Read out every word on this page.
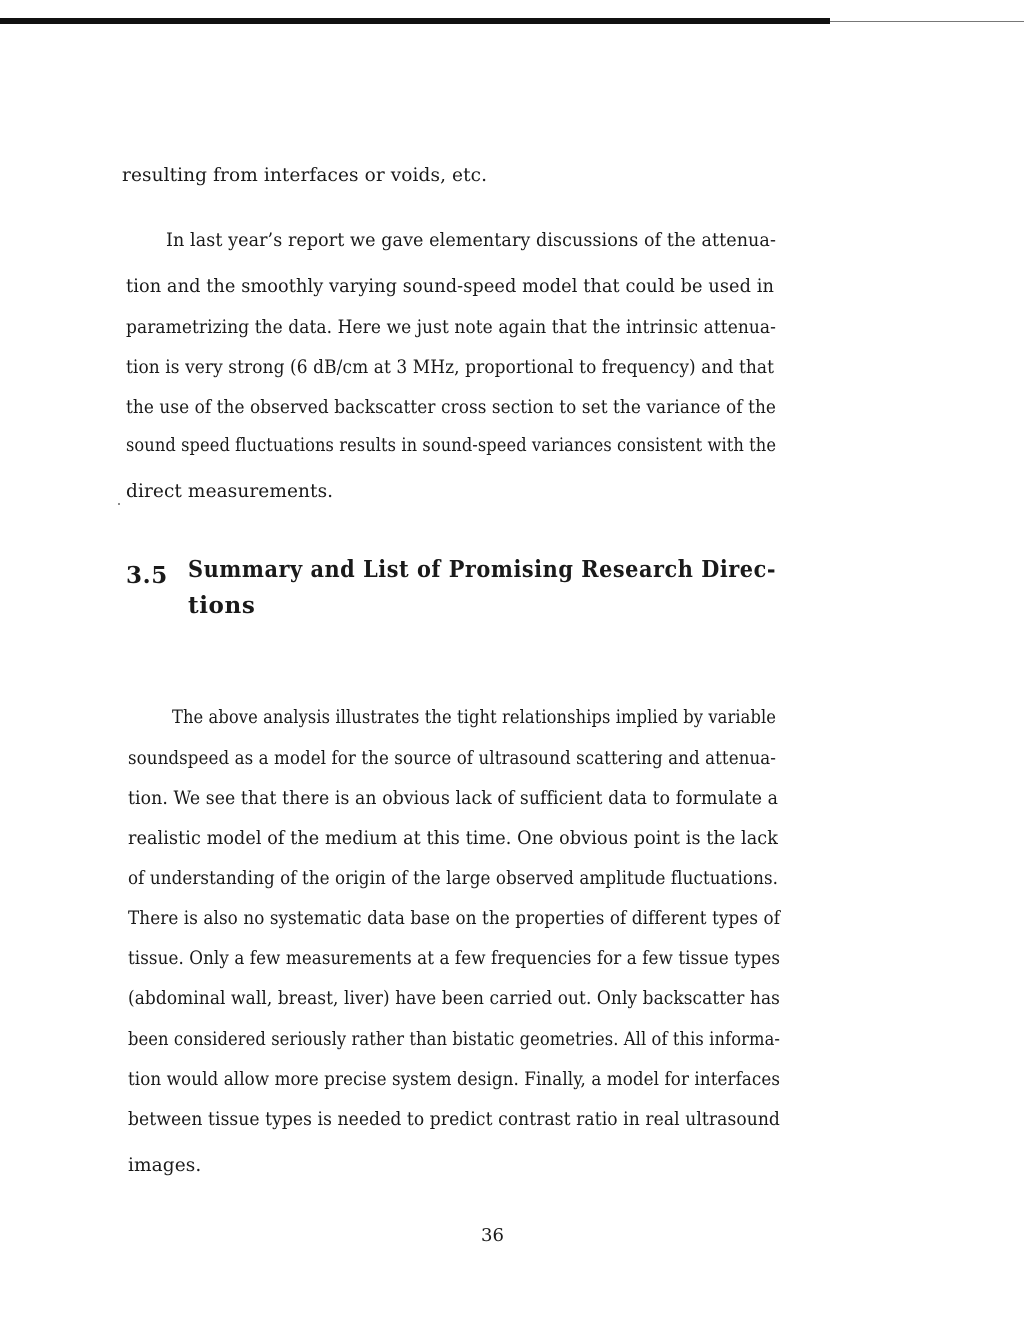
resulting from interfaces or voids, etc.
In last year’s report we gave elementary discussions of the attenua-
tion and the smoothly varying sound-speed model that could be used in
parametrizing the data. Here we just note again that the intrinsic attenua-
tion is very strong (6 dB/cm at 3 MHz, proportional to frequency) and that
the use of the observed backscatter cross section to set the variance of the
sound speed fluctuations results in sound-speed variances consistent with the
direct measurements.
3.5 Summary and List of Promising Research Direc-
tions
The above analysis illustrates the tight relationships implied by variable
soundspeed as a model for the source of ultrasound scattering and attenua-
tion. We see that there is an obvious lack of sufficient data to formulate a
realistic model of the medium at this time. One obvious point is the lack
of understanding of the origin of the large observed amplitude fluctuations.
There is also no systematic data base on the properties of different types of
tissue. Only a few measurements at a few frequencies for a few tissue types
(abdominal wall, breast, liver) have been carried out. Only backscatter has
been considered seriously rather than bistatic geometries. All of this informa-
tion would allow more precise system design. Finally, a model for interfaces
between tissue types is needed to predict contrast ratio in real ultrasound
images.
36
